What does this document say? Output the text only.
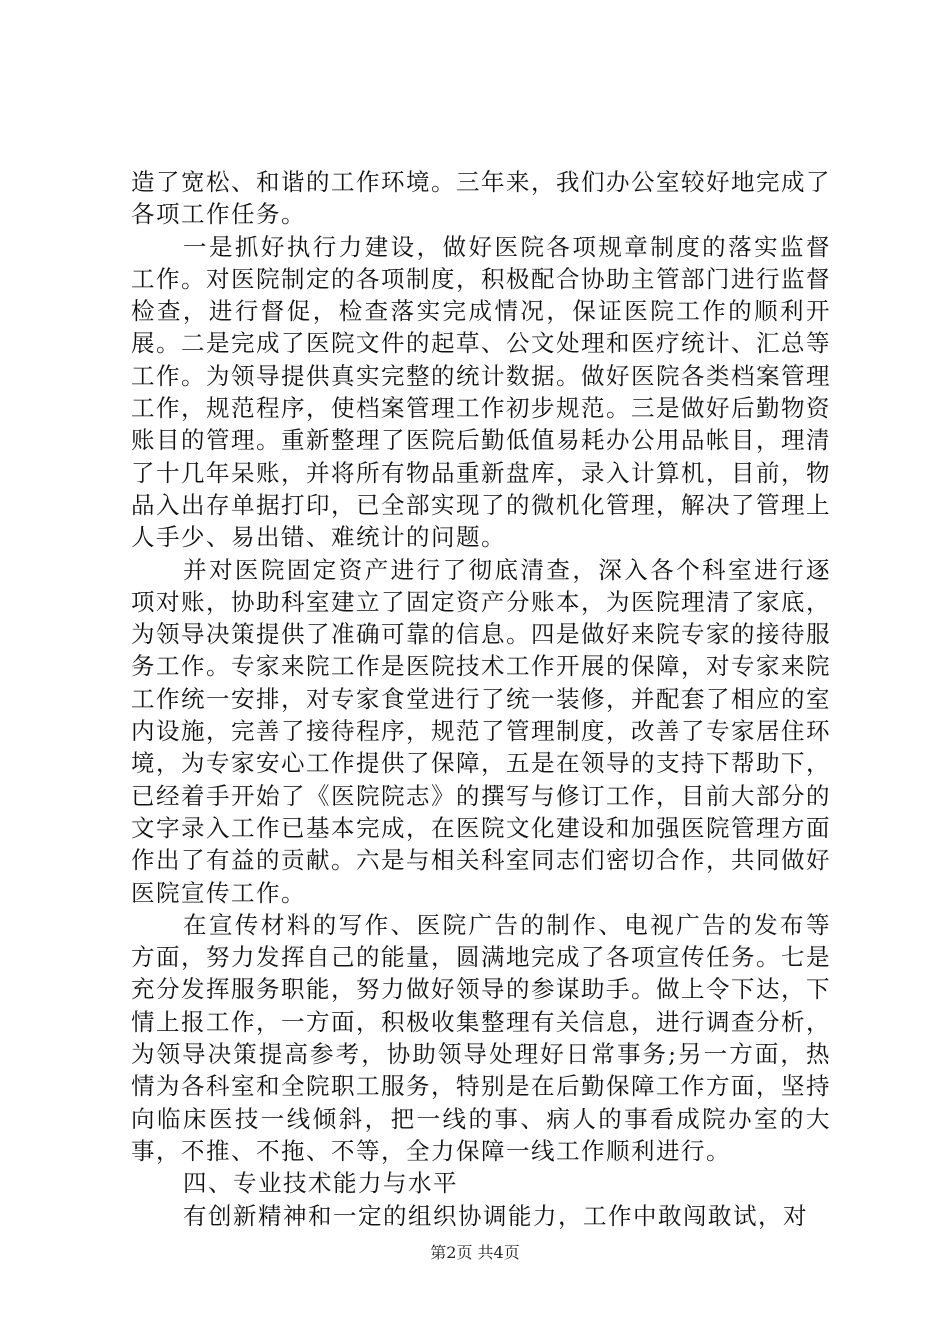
造了宽松、和谐的工作环境。三年来，我们办公室较好地完成了各项工作任务。

一是抓好执行力建设，做好医院各项规章制度的落实监督工作。对医院制定的各项制度，积极配合协助主管部门进行监督检查，进行督促，检查落实完成情况，保证医院工作的顺利开展。二是完成了医院文件的起草、公文处理和医疗统计、汇总等工作。为领导提供真实完整的统计数据。做好医院各类档案管理工作，规范程序，使档案管理工作初步规范。三是做好后勤物资账目的管理。重新整理了医院后勤低值易耗办公用品帐目，理清了十几年呆账，并将所有物品重新盘库，录入计算机，目前，物品入出存单据打印，已全部实现了的微机化管理，解决了管理上人手少、易出错、难统计的问题。

并对医院固定资产进行了彻底清查，深入各个科室进行逐项对账，协助科室建立了固定资产分账本，为医院理清了家底，为领导决策提供了准确可靠的信息。四是做好来院专家的接待服务工作。专家来院工作是医院技术工作开展的保障，对专家来院工作统一安排，对专家食堂进行了统一装修，并配套了相应的室内设施，完善了接待程序，规范了管理制度，改善了专家居住环境，为专家安心工作提供了保障，五是在领导的支持下帮助下，已经着手开始了《医院院志》的撰写与修订工作，目前大部分的文字录入工作已基本完成，在医院文化建设和加强医院管理方面作出了有益的贡献。六是与相关科室同志们密切合作，共同做好医院宣传工作。

在宣传材料的写作、医院广告的制作、电视广告的发布等方面，努力发挥自己的能量，圆满地完成了各项宣传任务。七是充分发挥服务职能，努力做好领导的参谋助手。做上令下达，下情上报工作，一方面，积极收集整理有关信息，进行调查分析，为领导决策提高参考，协助领导处理好日常事务;另一方面，热情为各科室和全院职工服务，特别是在后勤保障工作方面，坚持向临床医技一线倾斜，把一线的事、病人的事看成院办室的大事，不推、不拖、不等，全力保障一线工作顺利进行。

四、专业技术能力与水平

有创新精神和一定的组织协调能力，工作中敢闯敢试，对

第2页 共4页
